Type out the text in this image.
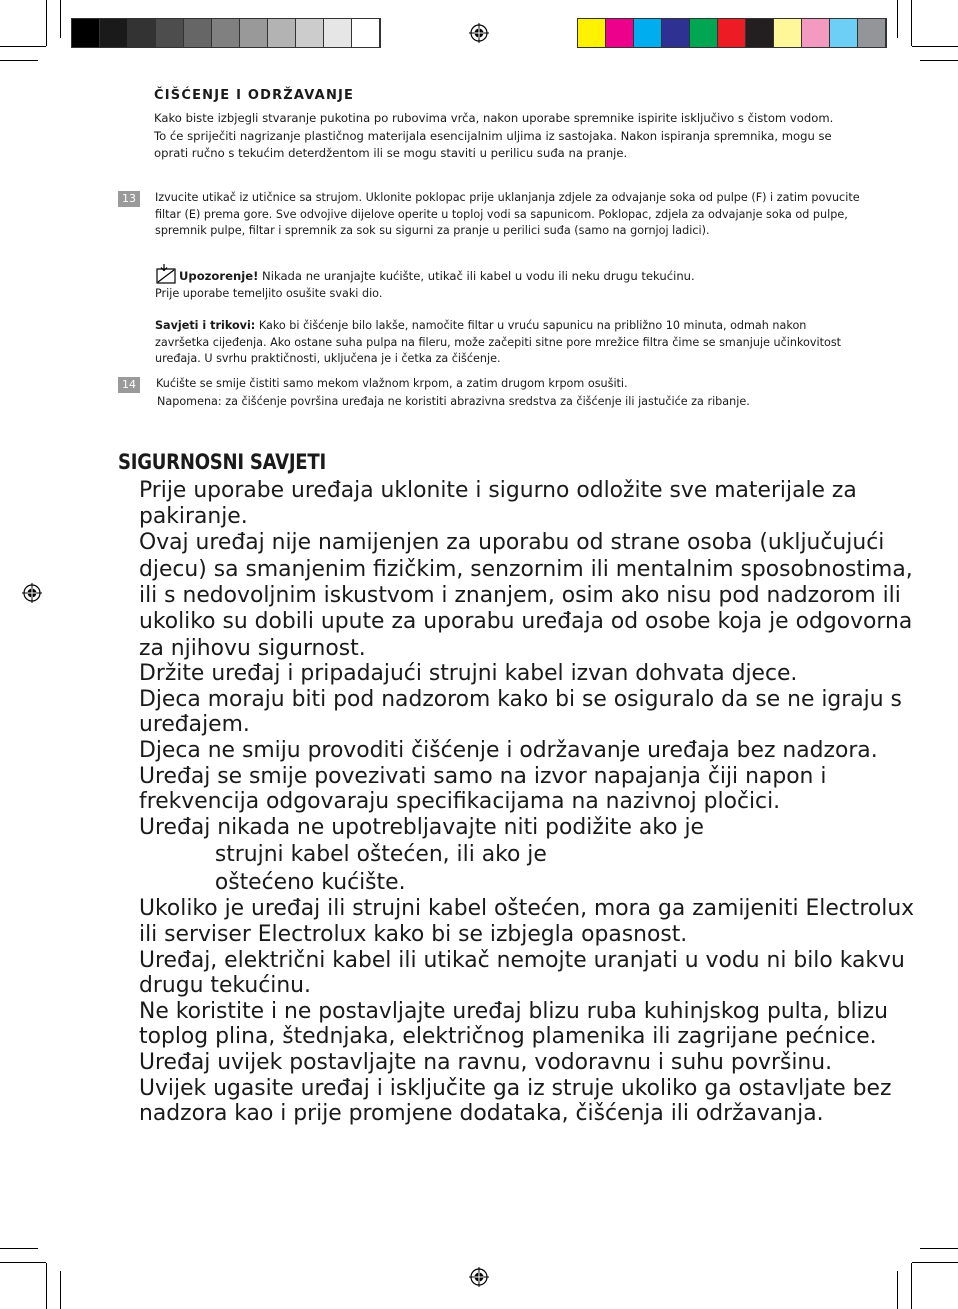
ČIŠĆENJE I ODRŽAVANJE
Kako biste izbjegli stvaranje pukotina po rubovima vrča, nakon uporabe spremnike ispirite isključivo s čistom vodom. To će spriječiti nagrizanje plastičnog materijala esencijalnim uljima iz sastojaka. Nakon ispiranja spremnika, mogu se oprati ručno s tekućim deterdžentom ili se mogu staviti u perilicu suđa na pranje.
13	Izvucite utikač iz utičnice sa strujom. Uklonite poklopac prije uklanjanja zdjele za odvajanje soka od pulpe (F) i zatim povucite filtar (E) prema gore. Sve odvojive dijelove operite u toploj vodi sa sapunicom. Poklopac, zdjela za odvajanje soka od pulpe, spremnik pulpe, filtar i spremnik za sok su sigurni za pranje u perilici suđa (samo na gornjoj ladici).
Upozorenje! Nikada ne uranjajte kućište, utikač ili kabel u vodu ili neku drugu tekućinu.
Prije uporabe temeljito osušite svaki dio.
Savjeti i trikovi: Kako bi čišćenje bilo lakše, namočite filtar u vruću sapunicu na približno 10 minuta, odmah nakon završetka cijeđenja. Ako ostane suha pulpa na fileru, može začepiti sitne pore mrežice filtra čime se smanjuje učinkovitost uređaja. U svrhu praktičnosti, uključena je i četka za čišćenje.
14	Kućište se smije čistiti samo mekom vlažnom krpom, a zatim drugom krpom osušiti.
Napomena: za čišćenje površina uređaja ne koristiti abrazivna sredstva za čišćenje ili jastučiće za ribanje.
SIGURNOSNI SAVJETI

Prije uporabe uređaja uklonite i sigurno odložite sve materijale za pakiranje.

Ovaj uređaj nije namijenjen za uporabu od strane osoba (uključujući djecu) sa smanjenim fizičkim, senzornim ili mentalnim sposobnostima, ili s nedovoljnim iskustvom i znanjem, osim ako nisu pod nadzorom ili ukoliko su dobili upute za uporabu uređaja od osobe koja je odgovorna za njihovu sigurnost.

Držite uređaj i pripadajući strujni kabel izvan dohvata djece.

Djeca moraju biti pod nadzorom kako bi se osiguralo da se ne igraju s uređajem.

Djeca ne smiju provoditi čišćenje i održavanje uređaja bez nadzora.

Uređaj se smije povezivati samo na izvor napajanja čiji napon i frekvencija odgovaraju specifikacijama na nazivnoj pločici.

Uređaj nikada ne upotrebljavajte niti podižite ako je

strujni kabel oštećen, ili ako je

oštećeno kućište.

Ukoliko je uređaj ili strujni kabel oštećen, mora ga zamijeniti Electrolux ili serviser Electrolux kako bi se izbjegla opasnost.

Uređaj, električni kabel ili utikač nemojte uranjati u vodu ni bilo kakvu drugu tekućinu.

Ne koristite i ne postavljajte uređaj blizu ruba kuhinjskog pulta, blizu toplog plina, štednjaka, električnog plamenika ili zagrijane pećnice.

Uređaj uvijek postavljajte na ravnu, vodoravnu i suhu površinu.

Uvijek ugasite uređaj i isključite ga iz struje ukoliko ga ostavljate bez nadzora kao i prije promjene dodataka, čišćenja ili održavanja.
